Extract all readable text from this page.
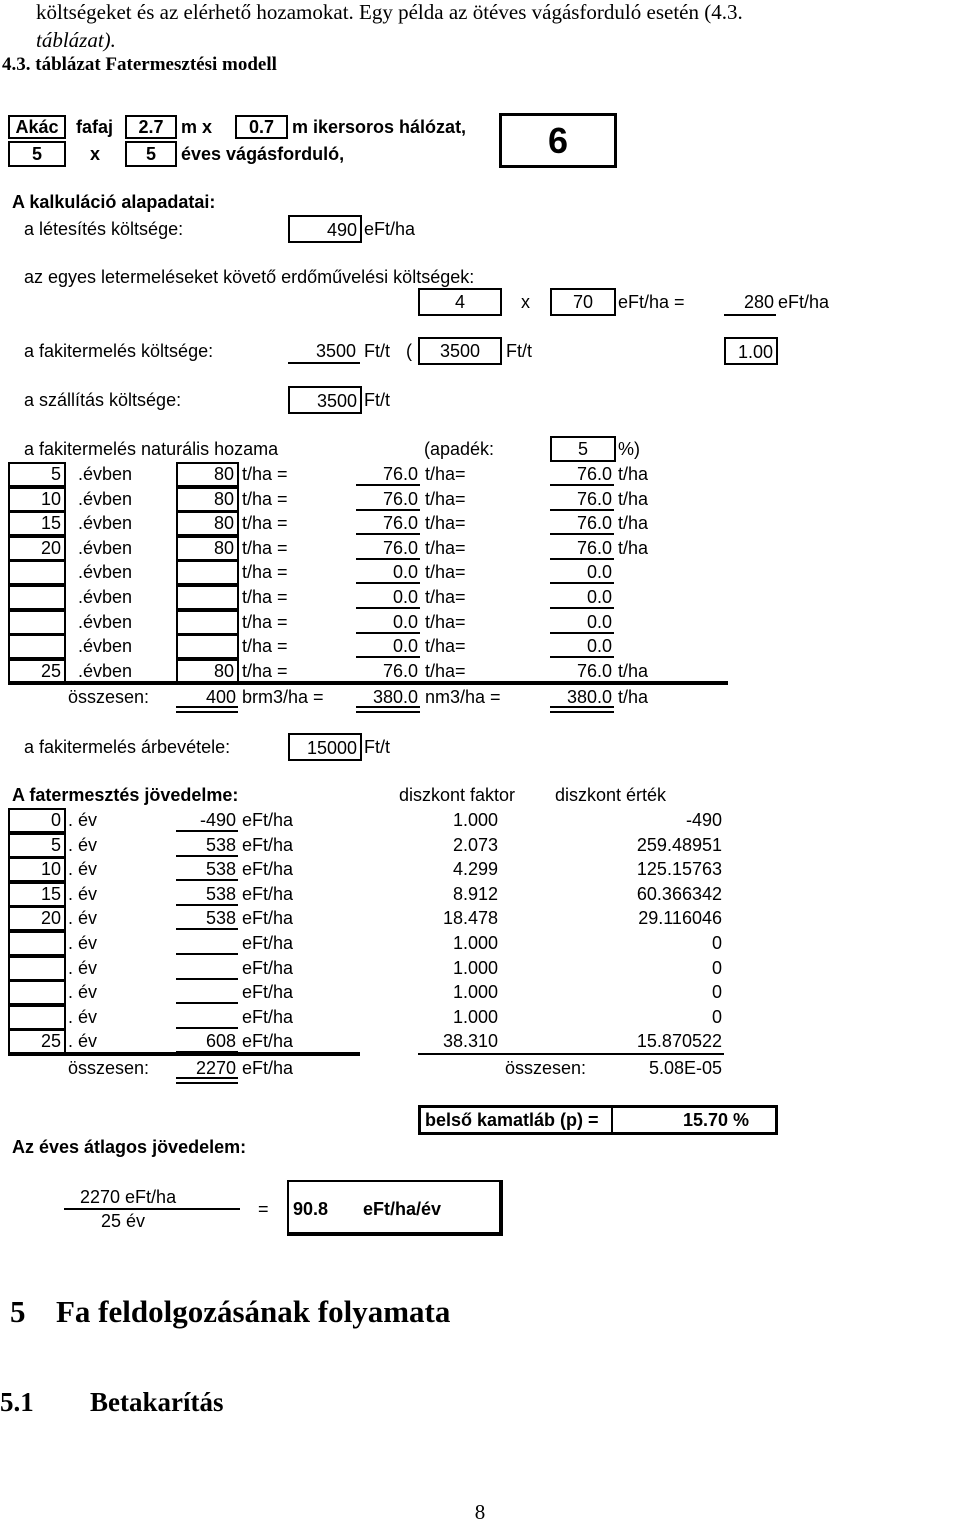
költségeket és az elérhető hozamokat. Egy példa az ötéves vágásforduló esetén (4.3.
táblázat).
4.3. táblázat Fatermesztési modell
Akác fafaj	2.7 m x	0.7 m ikersoros hálózat,
5	x	5	éves vágásforduló,	6
A kalkuláció alapadatai:
a létesítés költsége:	490 eFt/ha
az egyes letermeléseket követő erdőművelési költségek:
4	x	70	eFt/ha =	280 eFt/ha
a fakitermelés költsége:	3500 Ft/t (	3500	Ft/t	1.00
a szállítás költsége:	3500 Ft/t
a fakitermelés naturális hozama	(apadék:	5	%)
5 .évben	80 t/ha =	76.0 t/ha=	76.0 t/ha
10 .évben	80 t/ha =	76.0 t/ha=	76.0 t/ha
15 .évben	80 t/ha =	76.0 t/ha=	76.0 t/ha
20 .évben	80 t/ha =	76.0 t/ha=	76.0 t/ha
.évben	t/ha =	0.0 t/ha=	0.0
.évben	t/ha =	0.0 t/ha=	0.0
.évben	t/ha =	0.0 t/ha=	0.0
.évben	t/ha =	0.0 t/ha=	0.0
25 .évben	80 t/ha =	76.0 t/ha=	76.0 t/ha
összesen:	400 brm3/ha =	380.0 nm3/ha =	380.0 t/ha
a fakitermelés árbevétele:	15000 Ft/t
A fatermesztés jövedelme:	diszkont faktor diszkont érték
0 . év	-490 eFt/ha	1.000	-490
5 . év	538 eFt/ha	2.073	259.48951
10 . év	538 eFt/ha	4.299	125.15763
15 . év	538 eFt/ha	8.912	60.366342
20 . év	538 eFt/ha	18.478	29.116046
. év	eFt/ha	1.000	0
. év	eFt/ha	1.000	0
. év	eFt/ha	1.000	0
. év	eFt/ha	1.000	0
25 . év	608 eFt/ha	38.310	15.870522
összesen:	2270 eFt/ha	összesen:	5.08E-05
belső kamatláb (p) =	15.70 %
Az éves átlagos jövedelem:
2270 eFt/ha
25 év
= 90.8 eFt/ha/év
5 Fa feldolgozásának folyamata
5.1 Betakarítás
8
